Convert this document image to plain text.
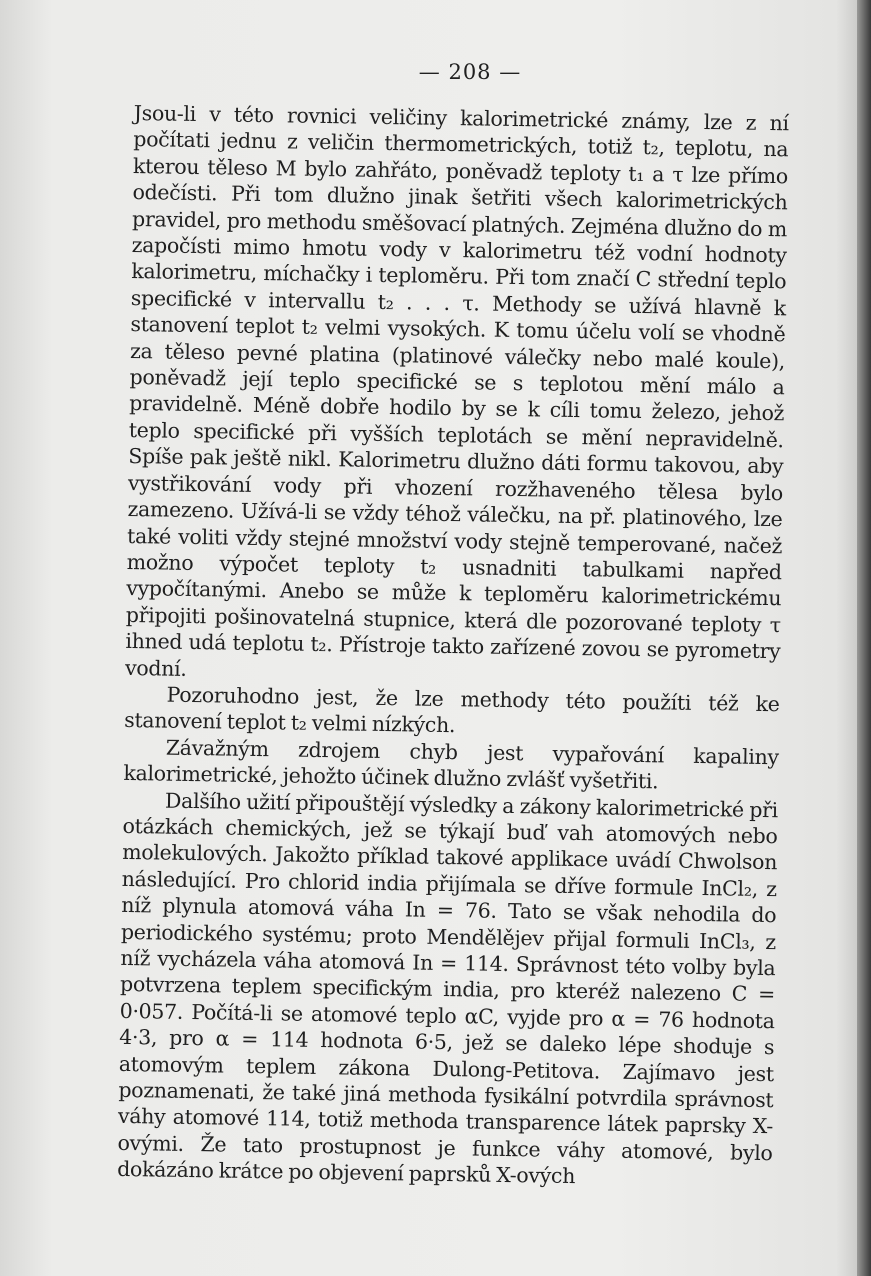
— 208 —

Jsou-li v této rovnici veličiny kalorimetrické známy, lze z ní počítati jednu z veličin thermometrických, totiž t₂, teplotu, na kterou těleso M bylo zahřáto, poněvadž teploty t₁ a τ lze přímo odečísti. Při tom dlužno jinak šetřiti všech kalorimetrických pravidel, pro methodu směšovací platných. Zejména dlužno do m započísti mimo hmotu vody v kalorimetru též vodní hodnoty kalorimetru, míchačky i teploměru. Při tom značí C střední teplo specifické v intervallu t₂ . . . τ. Methody se užívá hlavně k stanovení teplot t₂ velmi vysokých. K tomu účelu volí se vhodně za těleso pevné platina (platinové válečky nebo malé koule), poněvadž její teplo specifické se s teplotou mění málo a pravidelně. Méně dobře hodilo by se k cíli tomu železo, jehož teplo specifické při vyšších teplotách se mění nepravidelně. Spíše pak ještě nikl. Kalorimetru dlužno dáti formu takovou, aby vystřikování vody při vhození rozžhaveného tělesa bylo zamezeno. Užívá-li se vždy téhož válečku, na př. platinového, lze také voliti vždy stejné množství vody stejně temperované, načež možno výpočet teploty t₂ usnadniti tabulkami napřed vypočítanými. Anebo se může k teploměru kalorimetrickému připojiti pošinovatelná stupnice, která dle pozorované teploty τ ihned udá teplotu t₂. Přístroje takto zařízené zovou se pyrometry vodní.

Pozoruhodno jest, že lze methody této použíti též ke stanovení teplot t₂ velmi nízkých.

Závažným zdrojem chyb jest vypařování kapaliny kalorimetrické, jehožto účinek dlužno zvlášť vyšetřiti.

Dalšího užití připouštějí výsledky a zákony kalorimetrické při otázkách chemických, jež se týkají buď vah atomových nebo molekulových. Jakožto příklad takové applikace uvádí Chwolson následující. Pro chlorid india přijímala se dříve formule InCl₂, z níž plynula atomová váha In = 76. Tato se však nehodila do periodického systému; proto Mendělějev přijal formuli InCl₃, z níž vycházela váha atomová In = 114. Správnost této volby byla potvrzena teplem specifickým india, pro kteréž nalezeno C = 0·057. Počítá-li se atomové teplo αC, vyjde pro α = 76 hodnota 4·3, pro α = 114 hodnota 6·5, jež se daleko lépe shoduje s atomovým teplem zákona Dulong-Petitova. Zajímavo jest poznamenati, že také jiná methoda fysikální potvrdila správnost váhy atomové 114, totiž methoda transparence látek paprsky X-ovými. Že tato prostupnost je funkce váhy atomové, bylo dokázáno krátce po objevení paprsků X-ových
